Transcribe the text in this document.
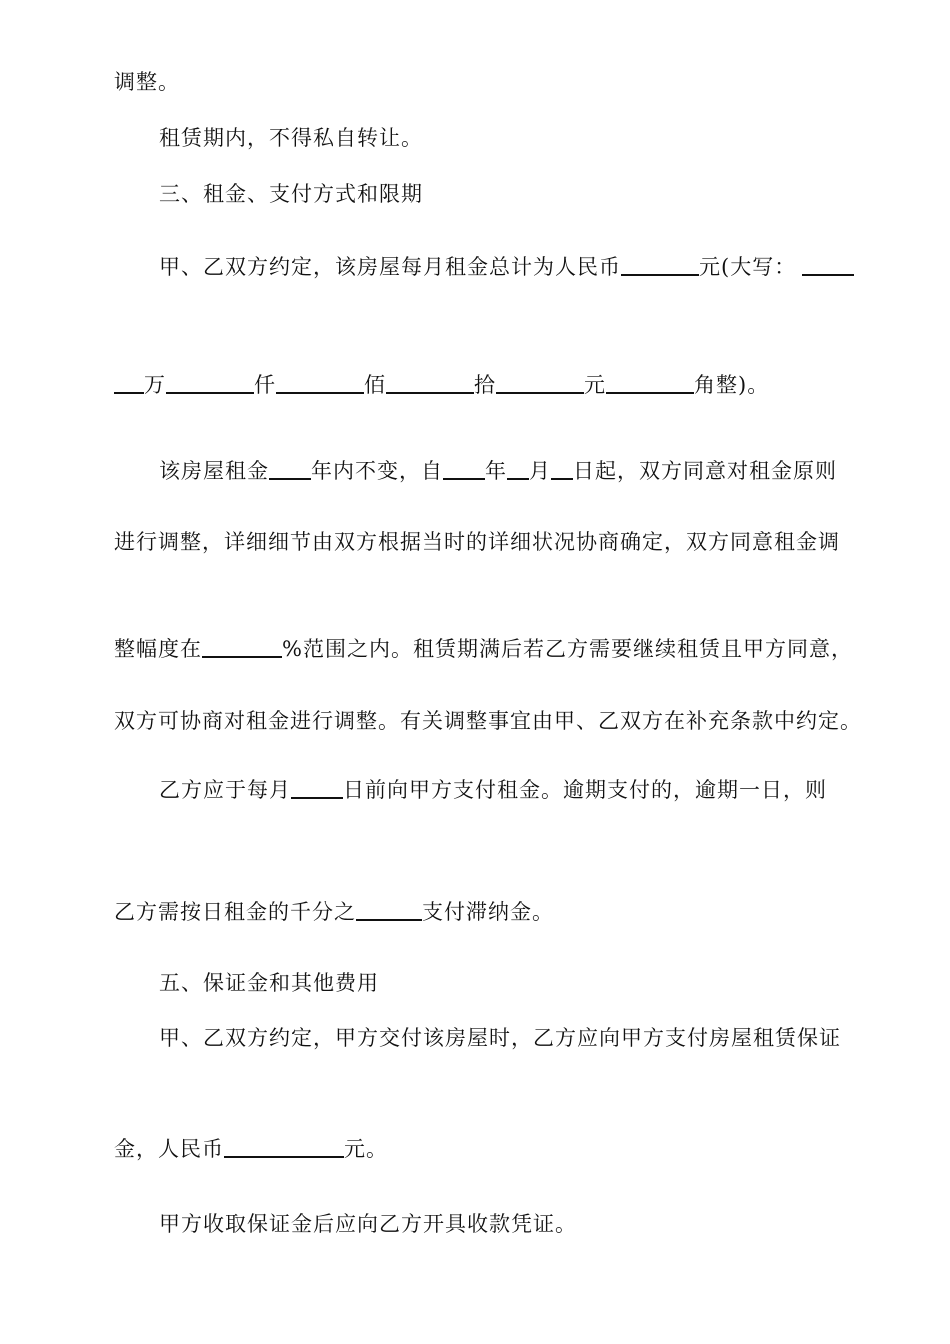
调整。
租赁期内，不得私自转让。
三、租金、支付方式和限期
甲、乙双方约定，该房屋每月租金总计为人民币	元(大写：
万	仟	佰	拾	元	角整)。
该房屋租金 年内不变，自 年 月 日起，双方同意对租金原则
进行调整，详细细节由双方根据当时的详细状况协商确定，双方同意租金调
整幅度在	%范围之内。租赁期满后若乙方需要继续租赁且甲方同意，
双方可协商对租金进行调整。有关调整事宜由甲、乙双方在补充条款中约定。
乙方应于每月 日前向甲方支付租金。逾期支付的，逾期一日，则
乙方需按日租金的千分之	支付滞纳金。
五、保证金和其他费用
甲、乙双方约定，甲方交付该房屋时，乙方应向甲方支付房屋租赁保证
金，人民币	元。
甲方收取保证金后应向乙方开具收款凭证。
